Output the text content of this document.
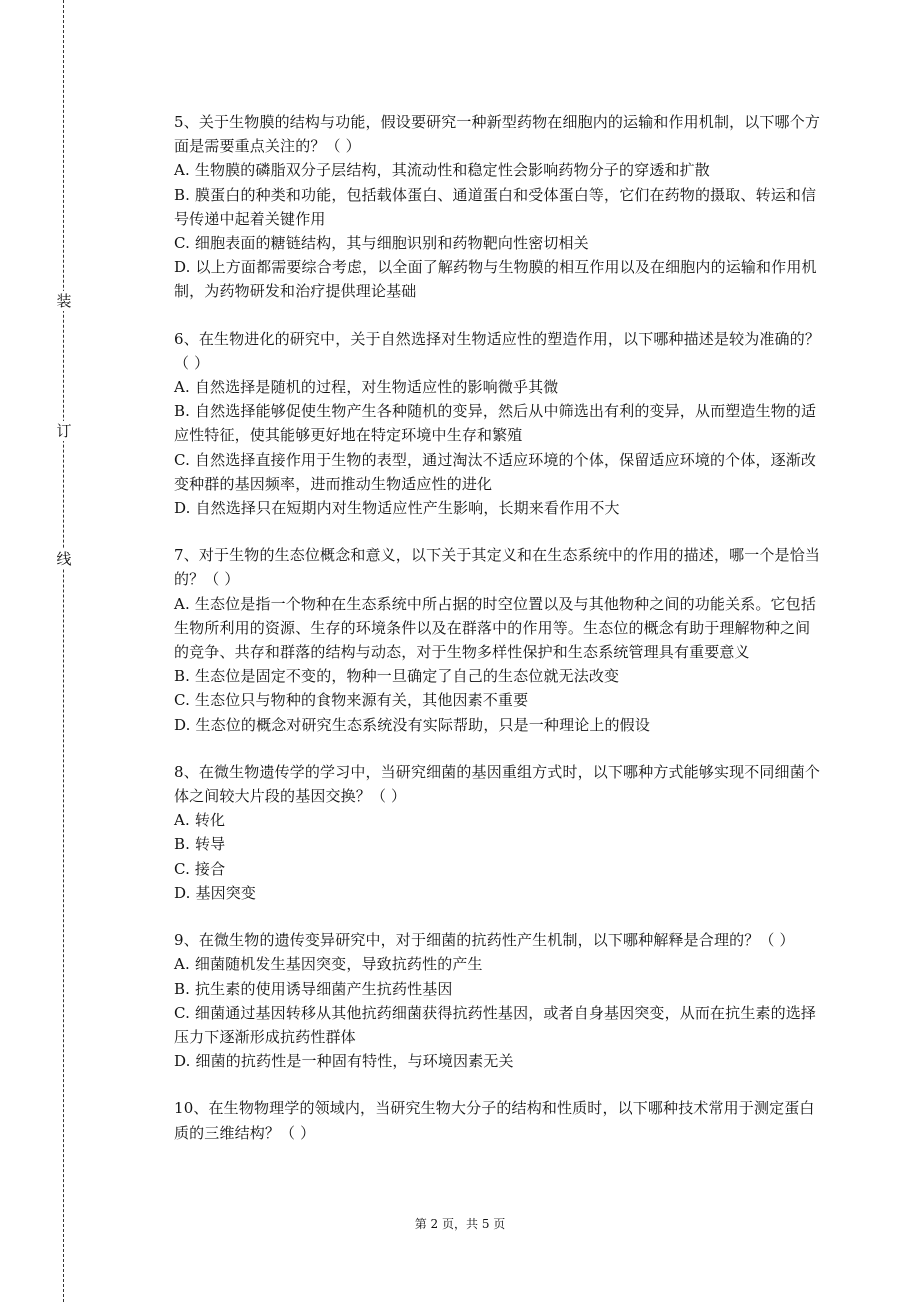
装
订
线

5、关于生物膜的结构与功能，假设要研究一种新型药物在细胞内的运输和作用机制，以下哪个方面是需要重点关注的？（ ）

A. 生物膜的磷脂双分子层结构，其流动性和稳定性会影响药物分子的穿透和扩散

B. 膜蛋白的种类和功能，包括载体蛋白、通道蛋白和受体蛋白等，它们在药物的摄取、转运和信号传递中起着关键作用

C. 细胞表面的糖链结构，其与细胞识别和药物靶向性密切相关

D. 以上方面都需要综合考虑，以全面了解药物与生物膜的相互作用以及在细胞内的运输和作用机制，为药物研发和治疗提供理论基础

6、在生物进化的研究中，关于自然选择对生物适应性的塑造作用，以下哪种描述是较为准确的？（ ）

A. 自然选择是随机的过程，对生物适应性的影响微乎其微

B. 自然选择能够促使生物产生各种随机的变异，然后从中筛选出有利的变异，从而塑造生物的适应性特征，使其能够更好地在特定环境中生存和繁殖

C. 自然选择直接作用于生物的表型，通过淘汰不适应环境的个体，保留适应环境的个体，逐渐改变种群的基因频率，进而推动生物适应性的进化

D. 自然选择只在短期内对生物适应性产生影响，长期来看作用不大

7、对于生物的生态位概念和意义，以下关于其定义和在生态系统中的作用的描述，哪一个是恰当的？（ ）

A. 生态位是指一个物种在生态系统中所占据的时空位置以及与其他物种之间的功能关系。它包括生物所利用的资源、生存的环境条件以及在群落中的作用等。生态位的概念有助于理解物种之间的竞争、共存和群落的结构与动态，对于生物多样性保护和生态系统管理具有重要意义

B. 生态位是固定不变的，物种一旦确定了自己的生态位就无法改变

C. 生态位只与物种的食物来源有关，其他因素不重要

D. 生态位的概念对研究生态系统没有实际帮助，只是一种理论上的假设

8、在微生物遗传学的学习中，当研究细菌的基因重组方式时，以下哪种方式能够实现不同细菌个体之间较大片段的基因交换？（ ）

A. 转化

B. 转导

C. 接合

D. 基因突变

9、在微生物的遗传变异研究中，对于细菌的抗药性产生机制，以下哪种解释是合理的？（ ）

A. 细菌随机发生基因突变，导致抗药性的产生

B. 抗生素的使用诱导细菌产生抗药性基因

C. 细菌通过基因转移从其他抗药细菌获得抗药性基因，或者自身基因突变，从而在抗生素的选择压力下逐渐形成抗药性群体

D. 细菌的抗药性是一种固有特性，与环境因素无关

10、在生物物理学的领域内，当研究生物大分子的结构和性质时，以下哪种技术常用于测定蛋白质的三维结构？（ ）

第 2 页，共 5 页
